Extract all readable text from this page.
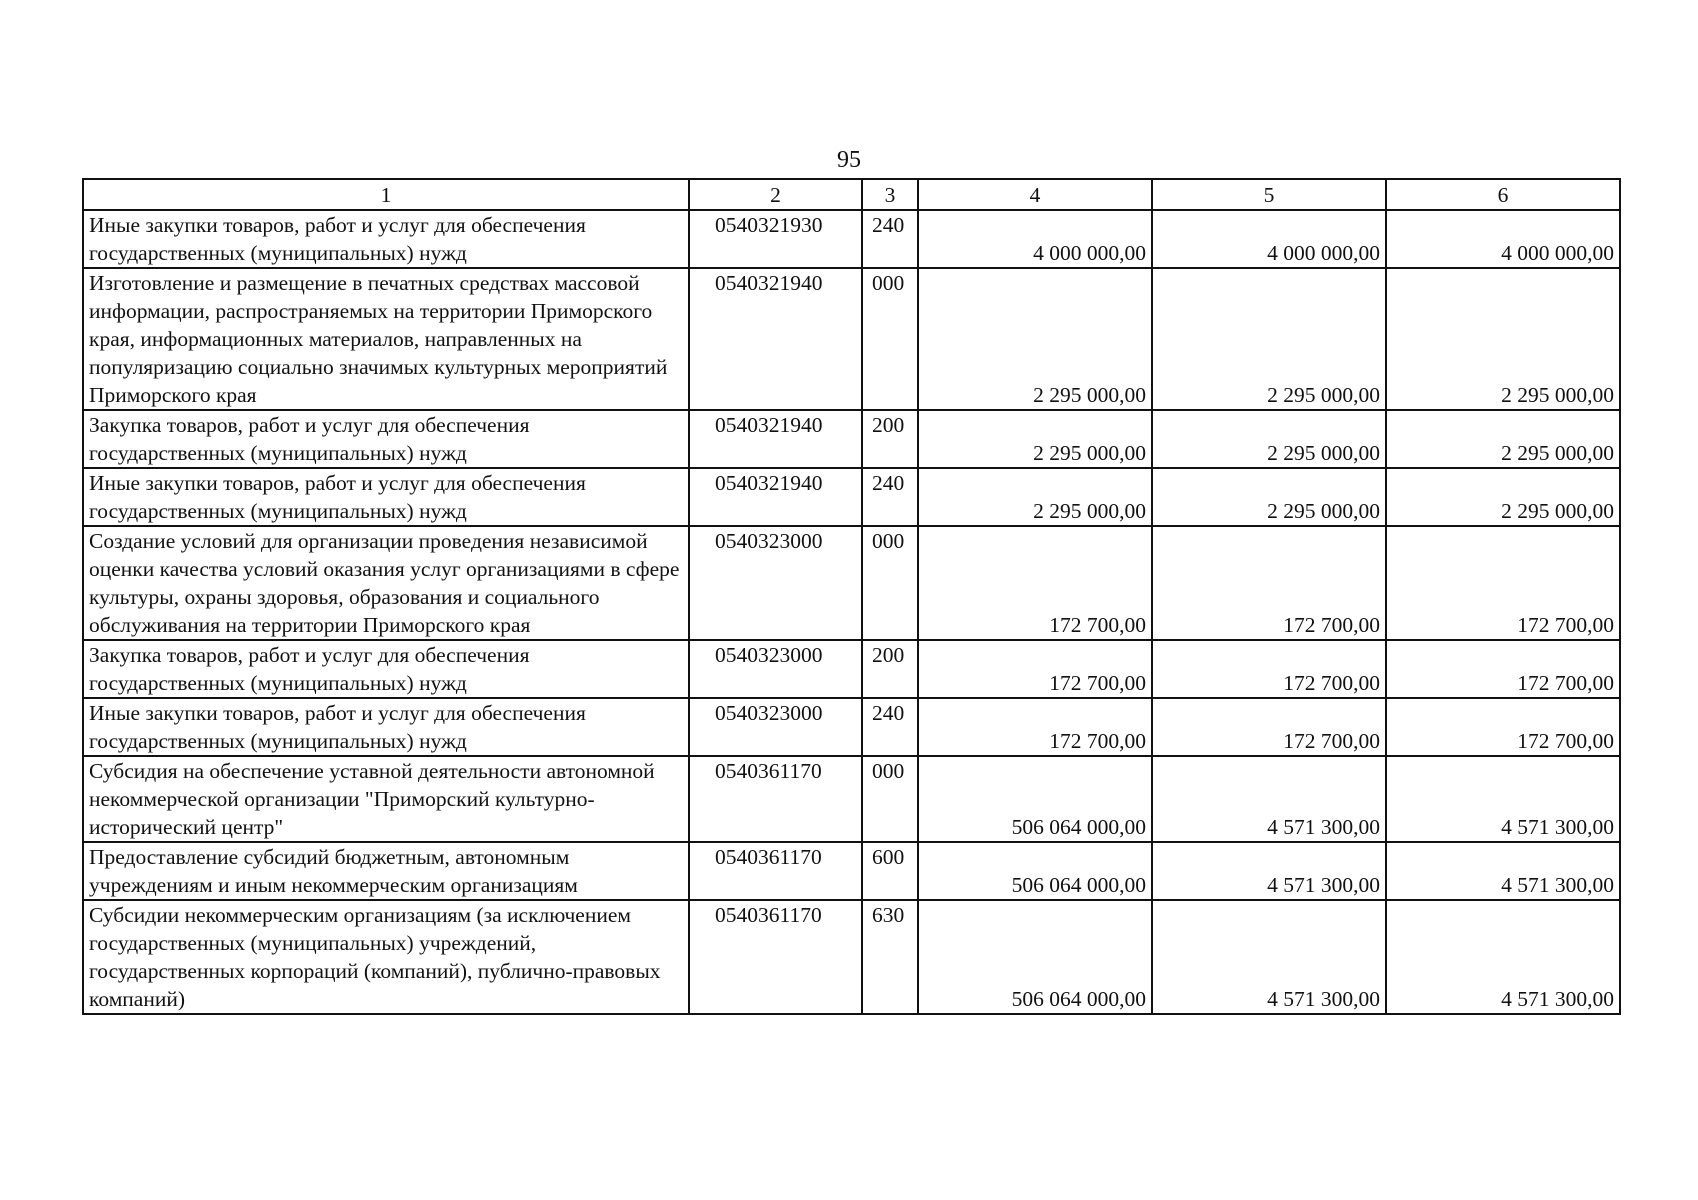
95
1	2	3	4	5	6
Иные закупки товаров, работ и услуг для обеспечения государственных (муниципальных) нужд	0540321930	240	4 000 000,00	4 000 000,00	4 000 000,00
Изготовление и размещение в печатных средствах массовой информации, распространяемых на территории Приморского края, информационных материалов, направленных на популяризацию социально значимых культурных мероприятий Приморского края	0540321940	000	2 295 000,00	2 295 000,00	2 295 000,00
Закупка товаров, работ и услуг для обеспечения государственных (муниципальных) нужд	0540321940	200	2 295 000,00	2 295 000,00	2 295 000,00
Иные закупки товаров, работ и услуг для обеспечения государственных (муниципальных) нужд	0540321940	240	2 295 000,00	2 295 000,00	2 295 000,00
Создание условий для организации проведения независимой оценки качества условий оказания услуг организациями в сфере культуры, охраны здоровья, образования и социального обслуживания на территории Приморского края	0540323000	000	172 700,00	172 700,00	172 700,00
Закупка товаров, работ и услуг для обеспечения государственных (муниципальных) нужд	0540323000	200	172 700,00	172 700,00	172 700,00
Иные закупки товаров, работ и услуг для обеспечения государственных (муниципальных) нужд	0540323000	240	172 700,00	172 700,00	172 700,00
Субсидия на обеспечение уставной деятельности автономной некоммерческой организации "Приморский культурно-исторический центр"	0540361170	000	506 064 000,00	4 571 300,00	4 571 300,00
Предоставление субсидий бюджетным, автономным учреждениям и иным некоммерческим организациям	0540361170	600	506 064 000,00	4 571 300,00	4 571 300,00
Субсидии некоммерческим организациям (за исключением государственных (муниципальных) учреждений, государственных корпораций (компаний), публично-правовых компаний)	0540361170	630	506 064 000,00	4 571 300,00	4 571 300,00
